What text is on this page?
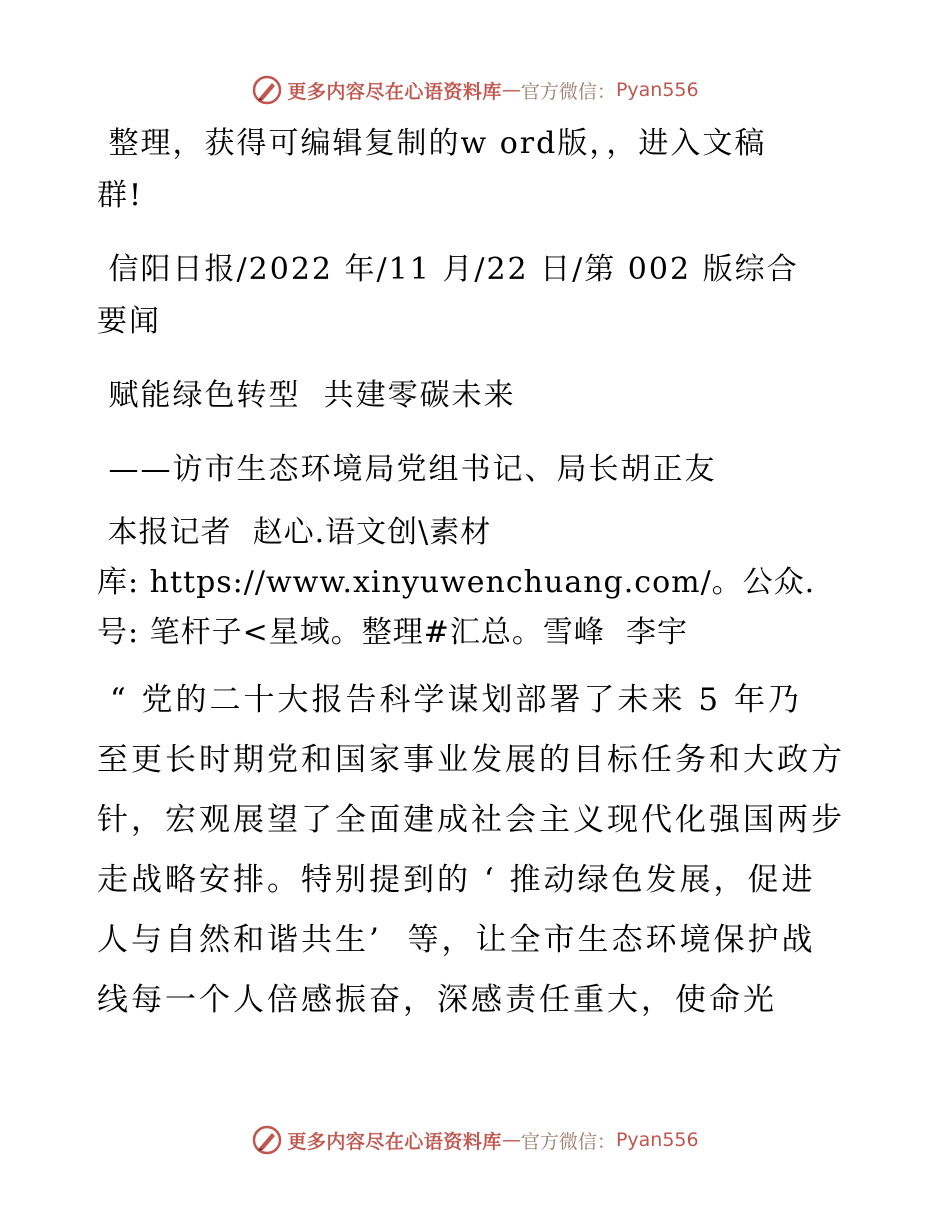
更多内容尽在心语资料库 — 官方微信： Pyan556

整理，获得可编辑复制的w ord版，，进入文稿

群!

信阳日报/2022 年/11 月/22 日/第 002 版综合

要闻

赋能绿色转型  共建零碳未来

——访市生态环境局党组书记、局长胡正友

本报记者  赵心.语文创\素材

库: https://www.xinyuwenchuang.com/。公众.

号: 笔杆子<星域。整理#汇总。雪峰  李宇

“ 党的二十大报告科学谋划部署了未来 5 年乃

至更长时期党和国家事业发展的目标任务和大政方

针，宏观展望了全面建成社会主义现代化强国两步

走战略安排。特别提到的 ‘ 推动绿色发展，促进

人与自然和谐共生’  等，让全市生态环境保护战

线每一个人倍感振奋，深感责任重大，使命光

更多内容尽在心语资料库 — 官方微信： Pyan556
